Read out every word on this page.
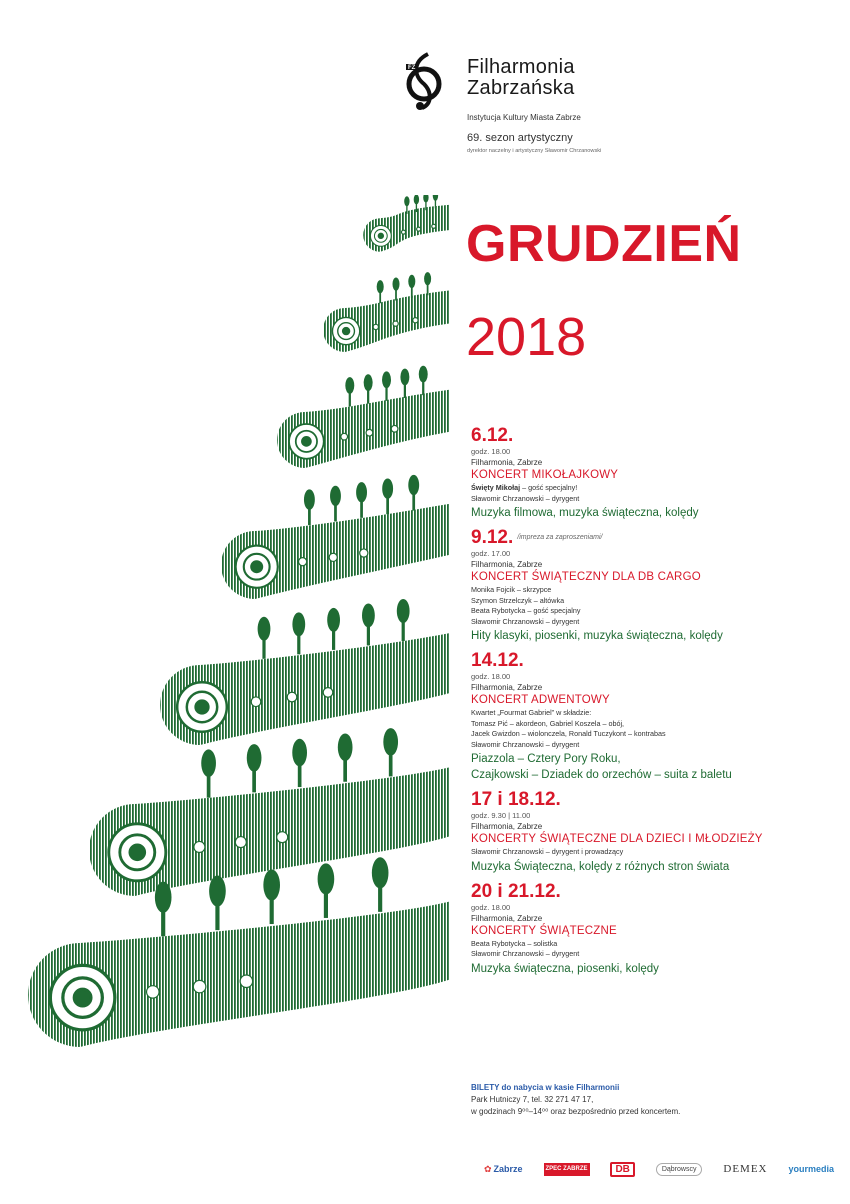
FZ	Filharmonia
Zabrzańska
Instytucja Kultury Miasta Zabrze
69. sezon artystyczny
dyrektor naczelny i artystyczny Sławomir Chrzanowski
GRUDZIEŃ
2018
6.12.
godz. 18.00
Filharmonia, Zabrze
KONCERT MIKOŁAJKOWY
Święty Mikołaj – gość specjalny!
Sławomir Chrzanowski – dyrygent
Muzyka filmowa, muzyka świąteczna, kolędy
9.12. /impreza za zaproszeniami/
godz. 17.00
Filharmonia, Zabrze
KONCERT ŚWIĄTECZNY DLA DB CARGO
Monika Fojcik – skrzypce
Szymon Strzelczyk – altówka
Beata Rybotycka – gość specjalny
Sławomir Chrzanowski – dyrygent
Hity klasyki, piosenki, muzyka świąteczna, kolędy
14.12.
godz. 18.00
Filharmonia, Zabrze
KONCERT ADWENTOWY
Kwartet „Fourmat Gabriel” w składzie:
Tomasz Pić – akordeon, Gabriel Koszela – obój,
Jacek Gwizdon – wiolonczela, Ronald Tuczykont – kontrabas
Sławomir Chrzanowski – dyrygent
Piazzola – Cztery Pory Roku,
Czajkowski – Dziadek do orzechów – suita z baletu
17 i 18.12.
godz. 9.30 | 11.00
Filharmonia, Zabrze
KONCERTY ŚWIĄTECZNE DLA DZIECI I MŁODZIEŻY
Sławomir Chrzanowski – dyrygent i prowadzący
Muzyka Świąteczna, kolędy z różnych stron świata
20 i 21.12.
godz. 18.00
Filharmonia, Zabrze
KONCERTY ŚWIĄTECZNE
Beata Rybotycka – solistka
Sławomir Chrzanowski – dyrygent
Muzyka świąteczna, piosenki, kolędy
BILETY do nabycia w kasie Filharmonii
Park Hutniczy 7, tel. 32 271 47 17,
w godzinach 9⁰⁰–14⁰⁰ oraz bezpośrednio przed koncertem.
✿ Zabrze	ZPEC ZABRZE	DB	Dąbrowscy	DEMEX yourmedia
